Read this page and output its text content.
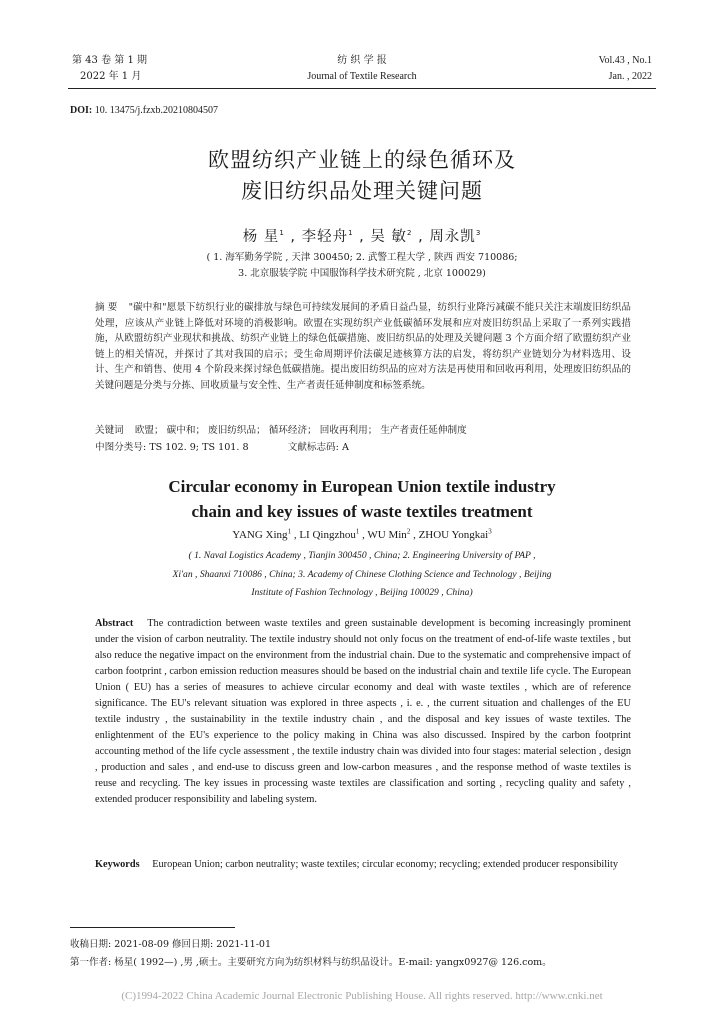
第 43 卷 第 1 期
2022 年 1 月
纺 织 学 报
Journal of Textile Research
Vol.43 , No.1
Jan. , 2022
DOI: 10. 13475/j.fzxb.20210804507
欧盟纺织产业链上的绿色循环及
废旧纺织品处理关键问题
杨 星$^1$ , 李轻舟$^1$ , 吴 敏$^2$ , 周永凯$^3$
( 1. 海军勤务学院 , 天津 300450; 2. 武警工程大学 , 陕西 西安 710086;
3. 北京服装学院 中国服饰科学技术研究院 , 北京 100029)
摘 要 "碳中和"愿景下纺织行业的碳排放与绿色可持续发展间的矛盾日益凸显，纺织行业降污减碳不能只关注末端废旧纺织品处理，应该从产业链上降低对环境的消极影响。欧盟在实现纺织产业低碳循环发展和应对废旧纺织品上采取了一系列实践措施，从欧盟纺织产业现状和挑战、纺织产业链上的绿色低碳措施、废旧纺织品的处理及关键问题 3 个方面介绍了欧盟纺织产业链上的相关情况，并探讨了其对我国的启示；受生命周期评价法碳足迹核算方法的启发，将纺织产业链划分为材料选用、设计、生产和销售、使用 4 个阶段来探讨绿色低碳措施。提出废旧纺织品的应对方法是再使用和回收再利用，处理废旧纺织品的关键问题是分类与分拣、回收质量与安全性、生产者责任延伸制度和标签系统。
关键词 欧盟； 碳中和； 废旧纺织品； 循环经济； 回收再利用； 生产者责任延伸制度
中图分类号: TS 102. 9; TS 101. 8	文献标志码: A
Circular economy in European Union textile industry
chain and key issues of waste textiles treatment
YANG Xing$^1$ , LI Qingzhou$^1$ , WU Min$^2$ , ZHOU Yongkai$^3$
( 1. Naval Logistics Academy , Tianjin 300450 , China; 2. Engineering University of PAP ,
Xi'an , Shaanxi 710086 , China; 3. Academy of Chinese Clothing Science and Technology , Beijing
Institute of Fashion Technology , Beijing 100029 , China)
Abstract The contradiction between waste textiles and green sustainable development is becoming increasingly prominent under the vision of carbon neutrality. The textile industry should not only focus on the treatment of end-of-life waste textiles , but also reduce the negative impact on the environment from the industrial chain. Due to the systematic and comprehensive impact of carbon footprint , carbon emission reduction measures should be based on the industrial chain and textile life cycle. The European Union ( EU) has a series of measures to achieve circular economy and deal with waste textiles , which are of reference significance. The EU's relevant situation was explored in three aspects , i. e. , the current situation and challenges of the EU textile industry , the sustainability in the textile industry chain , and the disposal and key issues of waste textiles. The enlightenment of the EU's experience to the policy making in China was also discussed. Inspired by the carbon footprint accounting method of the life cycle assessment , the textile industry chain was divided into four stages: material selection , design , production and sales , and end-use to discuss green and low-carbon measures , and the response method of waste textiles is reuse and recycling. The key issues in processing waste textiles are classification and sorting , recycling quality and safety , extended producer responsibility and labeling system.
Keywords European Union; carbon neutrality; waste textiles; circular economy; recycling; extended producer responsibility
收稿日期: 2021-08-09 修回日期: 2021-11-01
第一作者: 杨星( 1992—) ,男 ,硕士。主要研究方向为纺织材料与纺织品设计。E-mail: yangx0927@ 126.com。
(C)1994-2022 China Academic Journal Electronic Publishing House. All rights reserved. http://www.cnki.net
